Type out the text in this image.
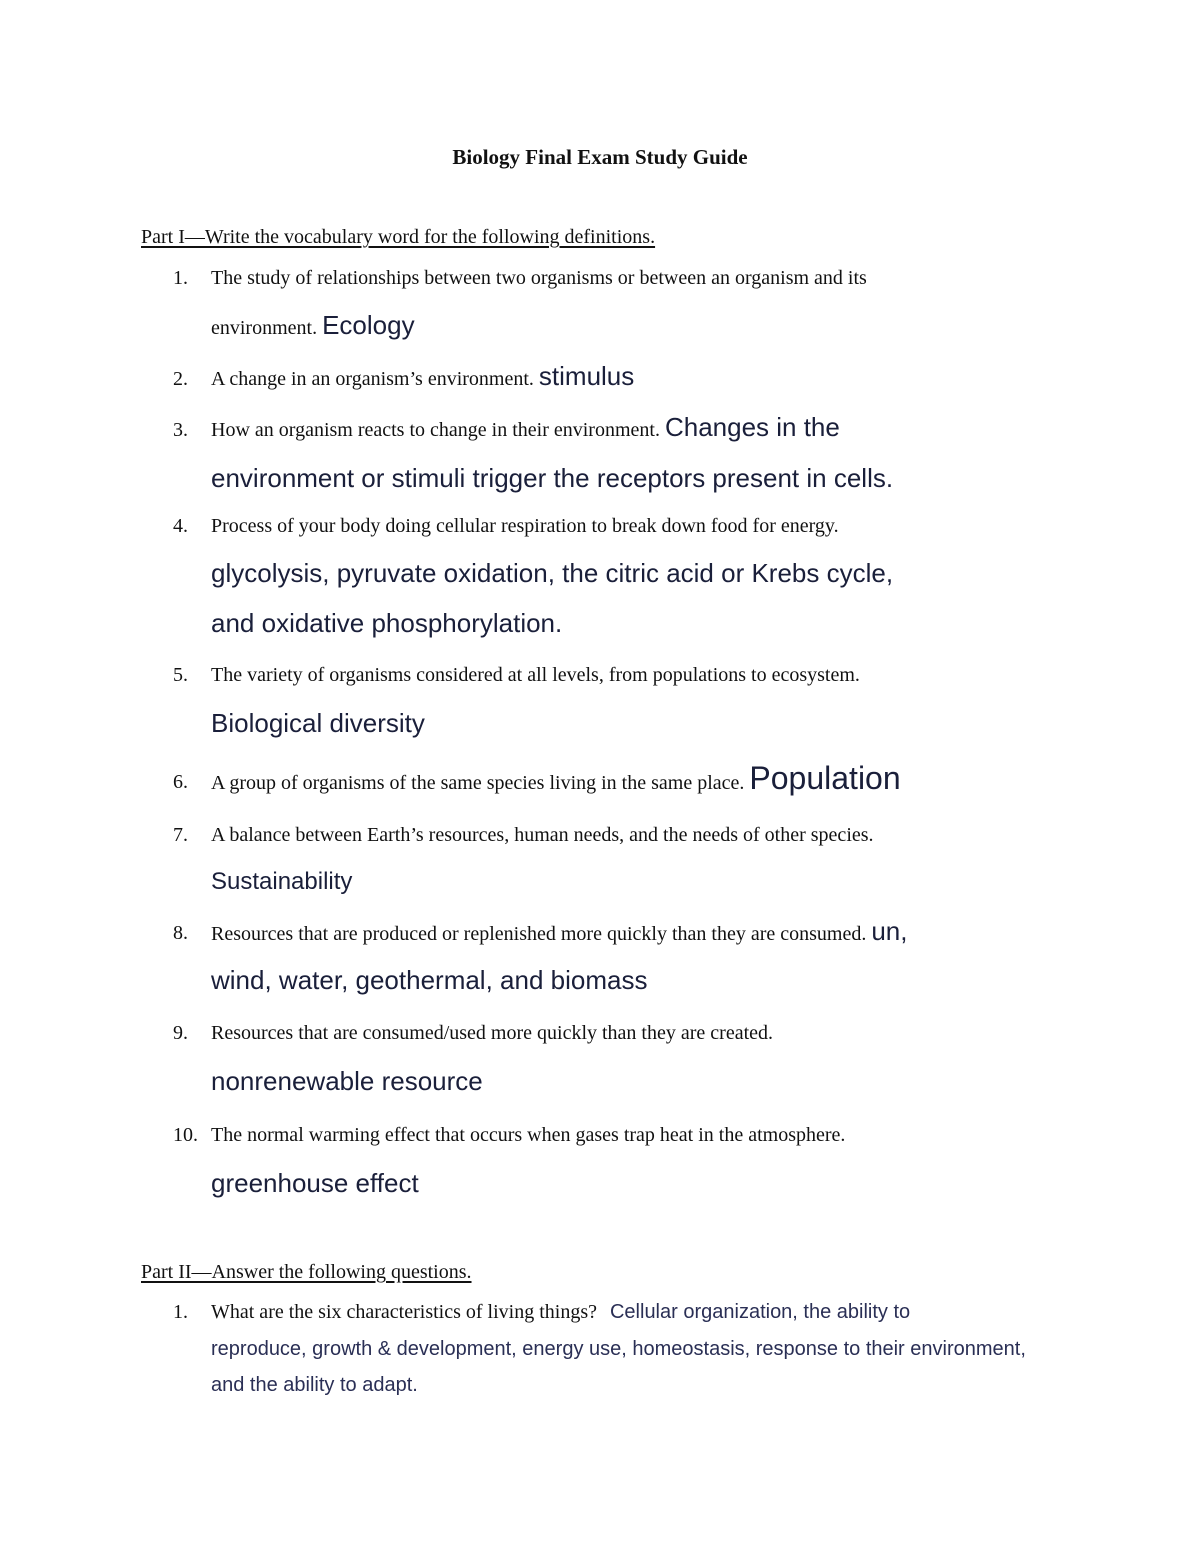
Biology Final Exam Study Guide
Part I—Write the vocabulary word for the following definitions.
1.	The study of relationships between two organisms or between an organism and its
environment. Ecology
2.	A change in an organism’s environment. stimulus
3.	How an organism reacts to change in their environment. Changes in the
environment or stimuli trigger the receptors present in cells.
4.	Process of your body doing cellular respiration to break down food for energy.
glycolysis, pyruvate oxidation, the citric acid or Krebs cycle,
and oxidative phosphorylation.
5.	The variety of organisms considered at all levels, from populations to ecosystem.
Biological diversity
6.	A group of organisms of the same species living in the same place. Population
7.	A balance between Earth’s resources, human needs, and the needs of other species.
Sustainability
8.	Resources that are produced or replenished more quickly than they are consumed. un,
wind, water, geothermal, and biomass
9.	Resources that are consumed/used more quickly than they are created.
nonrenewable resource
10. The normal warming effect that occurs when gases trap heat in the atmosphere.
greenhouse effect
Part II—Answer the following questions.
1.	What are the six characteristics of living things? Cellular organization, the ability to
reproduce, growth & development, energy use, homeostasis, response to their environment,
and the ability to adapt.
